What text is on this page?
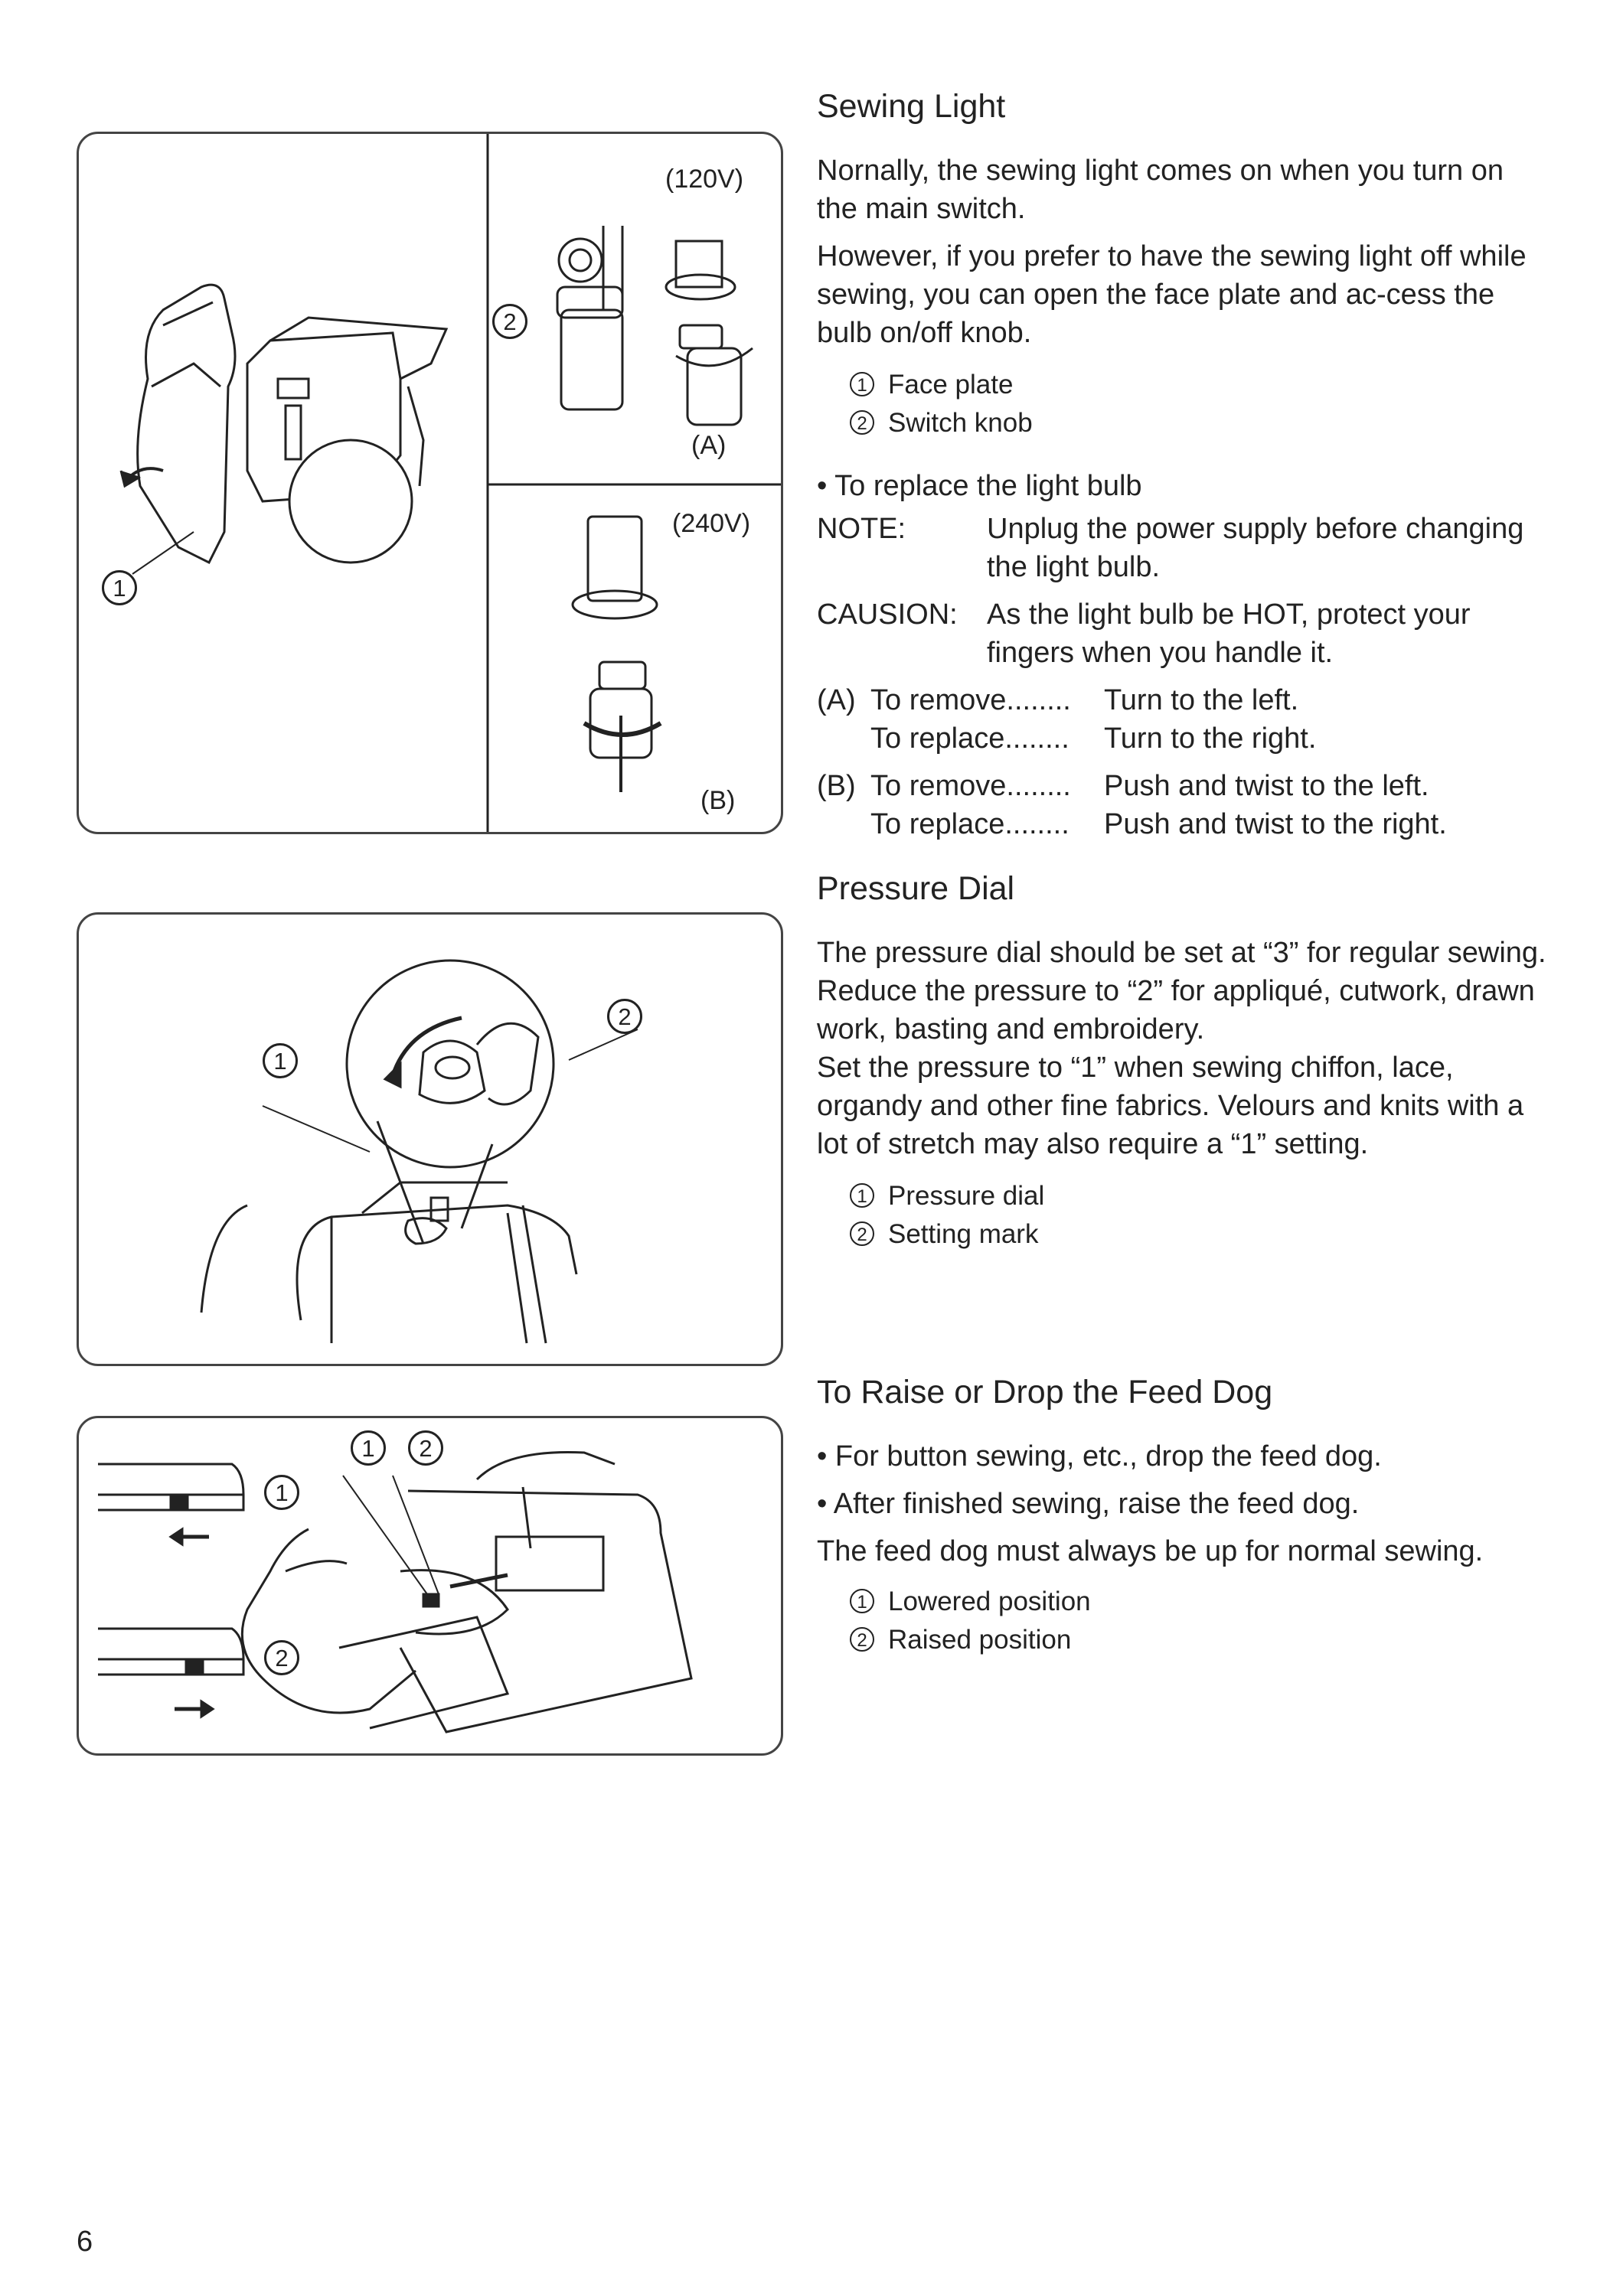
(120V)
(A)
(240V)
(B)
1
2
1
2
1
2
1	2
Sewing Light

Nornally, the sewing light comes on when you turn on the main switch.

However, if you prefer to have the sewing light off while sewing, you can open the face plate and ac-cess the bulb on/off knob.

1 Face plate
2 Switch knob
• To replace the light bulb
NOTE:	Unplug the power supply before changing the light bulb.
CAUSION:	As the light bulb be HOT, protect your fingers when you handle it.
(A)	To remove........	Turn to the left.
	To replace........	Turn to the right.
(B)	To remove........	Push and twist to the left.
	To replace........	Push and twist to the right.
Pressure Dial
The pressure dial should be set at “3” for regular sewing. Reduce the pressure to “2” for appliqué, cutwork, drawn work, basting and embroidery.
Set the pressure to “1” when sewing chiffon, lace, organdy and other fine fabrics. Velours and knits with a lot of stretch may also require a “1” setting.
1 Pressure dial
2 Setting mark
To Raise or Drop the Feed Dog

• For button sewing, etc., drop the feed dog.

• After finished sewing, raise the feed dog.

The feed dog must always be up for normal sewing.

1 Lowered position
2 Raised position
6
